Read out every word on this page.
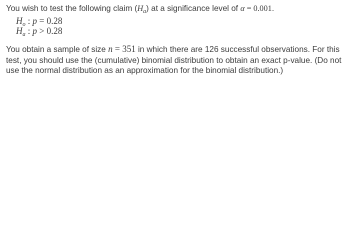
You wish to test the following claim $(H_a)$ at a significance level of α = 0.001.
$H_o$ : p = 0.28
$H_a$ : p > 0.28
You obtain a sample of size n = 351 in which there are 126 successful observations. For this test, you should use the (cumulative) binomial distribution to obtain an exact p-value. (Do not use the normal distribution as an approximation for the binomial distribution.)
